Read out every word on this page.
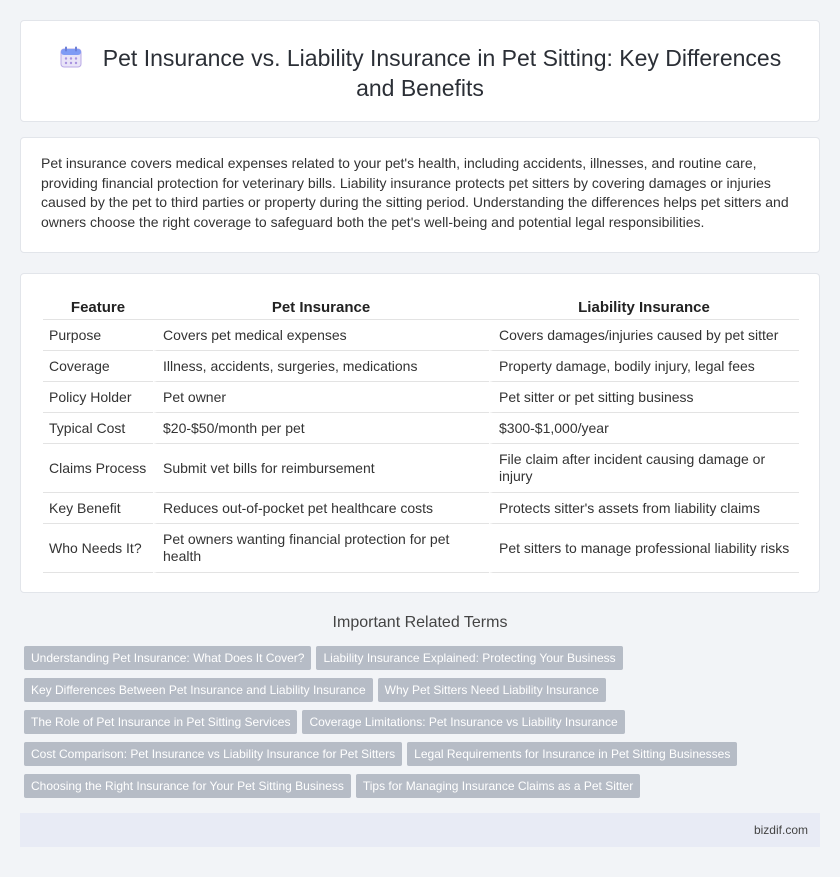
Pet Insurance vs. Liability Insurance in Pet Sitting: Key Differences and Benefits

Pet insurance covers medical expenses related to your pet's health, including accidents, illnesses, and routine care, providing financial protection for veterinary bills. Liability insurance protects pet sitters by covering damages or injuries caused by the pet to third parties or property during the sitting period. Understanding the differences helps pet sitters and owners choose the right coverage to safeguard both the pet's well-being and potential legal responsibilities.

Feature	Pet Insurance	Liability Insurance
Purpose	Covers pet medical expenses	Covers damages/injuries caused by pet sitter
Coverage	Illness, accidents, surgeries, medications	Property damage, bodily injury, legal fees
Policy Holder	Pet owner	Pet sitter or pet sitting business
Typical Cost	$20-$50/month per pet	$300-$1,000/year
Claims Process	Submit vet bills for reimbursement	File claim after incident causing damage or injury
Key Benefit	Reduces out-of-pocket pet healthcare costs	Protects sitter's assets from liability claims
Who Needs It?	Pet owners wanting financial protection for pet health	Pet sitters to manage professional liability risks
Important Related Terms
Understanding Pet Insurance: What Does It Cover? Liability Insurance Explained: Protecting Your Business
Key Differences Between Pet Insurance and Liability Insurance Why Pet Sitters Need Liability Insurance
The Role of Pet Insurance in Pet Sitting Services Coverage Limitations: Pet Insurance vs Liability Insurance
Cost Comparison: Pet Insurance vs Liability Insurance for Pet Sitters Legal Requirements for Insurance in Pet Sitting Businesses
Choosing the Right Insurance for Your Pet Sitting Business Tips for Managing Insurance Claims as a Pet Sitter
bizdif.com
